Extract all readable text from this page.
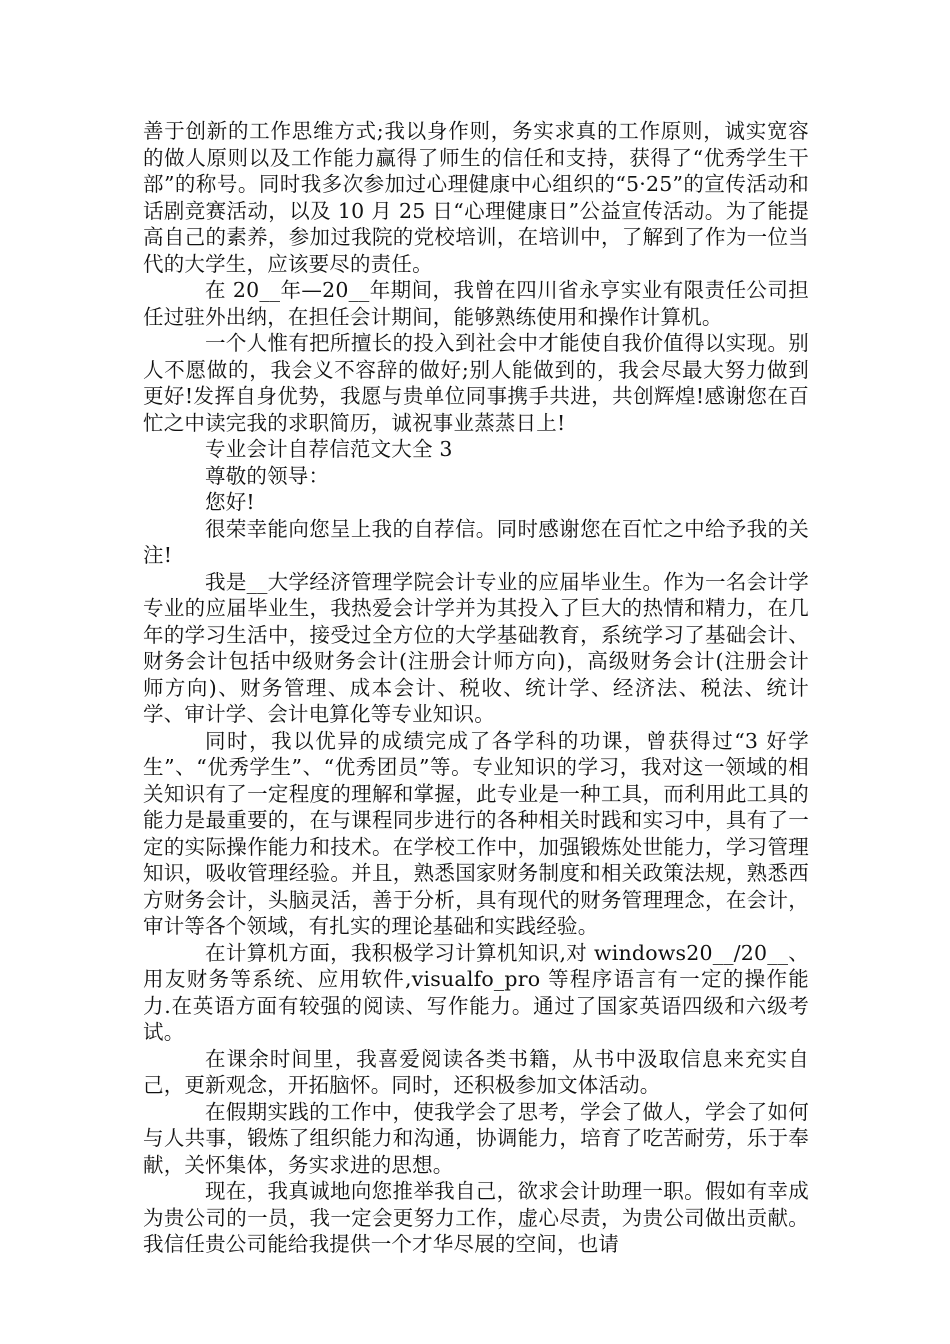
善于创新的工作思维方式;我以身作则，务实求真的工作原则，诚实宽容的做人原则以及工作能力赢得了师生的信任和支持，获得了“优秀学生干部”的称号。同时我多次参加过心理健康中心组织的“5·25”的宣传活动和话剧竞赛活动，以及 10 月 25 日“心理健康日”公益宣传活动。为了能提高自己的素养，参加过我院的党校培训，在培训中，了解到了作为一位当代的大学生，应该要尽的责任。

在 20__年—20__年期间，我曾在四川省永亨实业有限责任公司担任过驻外出纳，在担任会计期间，能够熟练使用和操作计算机。

一个人惟有把所擅长的投入到社会中才能使自我价值得以实现。别人不愿做的，我会义不容辞的做好;别人能做到的，我会尽最大努力做到更好!发挥自身优势，我愿与贵单位同事携手共进，共创辉煌!感谢您在百忙之中读完我的求职简历，诚祝事业蒸蒸日上!

专业会计自荐信范文大全 3

尊敬的领导：

您好!

很荣幸能向您呈上我的自荐信。同时感谢您在百忙之中给予我的关注!

我是__大学经济管理学院会计专业的应届毕业生。作为一名会计学专业的应届毕业生，我热爱会计学并为其投入了巨大的热情和精力，在几年的学习生活中，接受过全方位的大学基础教育，系统学习了基础会计、财务会计包括中级财务会计(注册会计师方向)，高级财务会计(注册会计师方向)、财务管理、成本会计、税收、统计学、经济法、税法、统计学、审计学、会计电算化等专业知识。

同时，我以优异的成绩完成了各学科的功课，曾获得过“3 好学生”、“优秀学生”、“优秀团员”等。专业知识的学习，我对这一领域的相关知识有了一定程度的理解和掌握，此专业是一种工具，而利用此工具的能力是最重要的，在与课程同步进行的各种相关时践和实习中，具有了一定的实际操作能力和技术。在学校工作中，加强锻炼处世能力，学习管理知识，吸收管理经验。并且，熟悉国家财务制度和相关政策法规，熟悉西方财务会计，头脑灵活，善于分析，具有现代的财务管理理念，在会计，审计等各个领域，有扎实的理论基础和实践经验。

在计算机方面，我积极学习计算机知识,对 windows20__/20__、用友财务等系统、应用软件,visualfo_pro 等程序语言有一定的操作能力.在英语方面有较强的阅读、写作能力。通过了国家英语四级和六级考试。

在课余时间里，我喜爱阅读各类书籍，从书中汲取信息来充实自己，更新观念，开拓脑怀。同时，还积极参加文体活动。

在假期实践的工作中，使我学会了思考，学会了做人，学会了如何与人共事，锻炼了组织能力和沟通，协调能力，培育了吃苦耐劳，乐于奉献，关怀集体，务实求进的思想。

现在，我真诚地向您推举我自己，欲求会计助理一职。假如有幸成为贵公司的一员，我一定会更努力工作，虚心尽责，为贵公司做出贡献。我信任贵公司能给我提供一个才华尽展的空间，也请
